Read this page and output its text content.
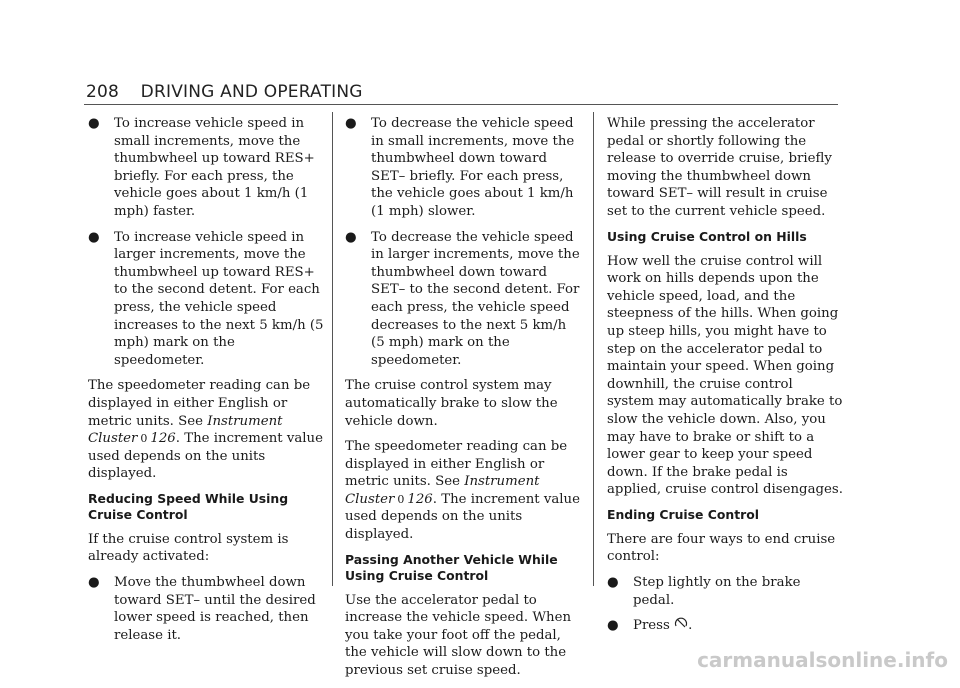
208 DRIVING AND OPERATING
● To increase vehicle speed in small increments, move the thumbwheel up toward RES+ briefly. For each press, the vehicle goes about 1 km/h (1 mph) faster.
● To increase vehicle speed in larger increments, move the thumbwheel up toward RES+ to the second detent. For each press, the vehicle speed increases to the next 5 km/h (5 mph) mark on the speedometer.

The speedometer reading can be displayed in either English or metric units. See Instrument Cluster 0 126. The increment value used depends on the units displayed.

Reducing Speed While Using Cruise Control

If the cruise control system is already activated:

● Move the thumbwheel down toward SET– until the desired lower speed is reached, then release it.
● To decrease the vehicle speed in small increments, move the thumbwheel down toward SET– briefly. For each press, the vehicle goes about 1 km/h (1 mph) slower.
● To decrease the vehicle speed in larger increments, move the thumbwheel down toward SET– to the second detent. For each press, the vehicle speed decreases to the next 5 km/h (5 mph) mark on the speedometer.

The cruise control system may automatically brake to slow the vehicle down.

The speedometer reading can be displayed in either English or metric units. See Instrument Cluster 0 126. The increment value used depends on the units displayed.

Passing Another Vehicle While Using Cruise Control

Use the accelerator pedal to increase the vehicle speed. When you take your foot off the pedal, the vehicle will slow down to the previous set cruise speed.

While pressing the accelerator pedal or shortly following the release to override cruise, briefly moving the thumbwheel down toward SET– will result in cruise set to the current vehicle speed.

Using Cruise Control on Hills

How well the cruise control will work on hills depends upon the vehicle speed, load, and the steepness of the hills. When going up steep hills, you might have to step on the accelerator pedal to maintain your speed. When going downhill, the cruise control system may automatically brake to slow the vehicle down. Also, you may have to brake or shift to a lower gear to keep your speed down. If the brake pedal is applied, cruise control disengages.

Ending Cruise Control

There are four ways to end cruise control:

● Step lightly on the brake pedal.
● Press .
carmanualsonline.info
